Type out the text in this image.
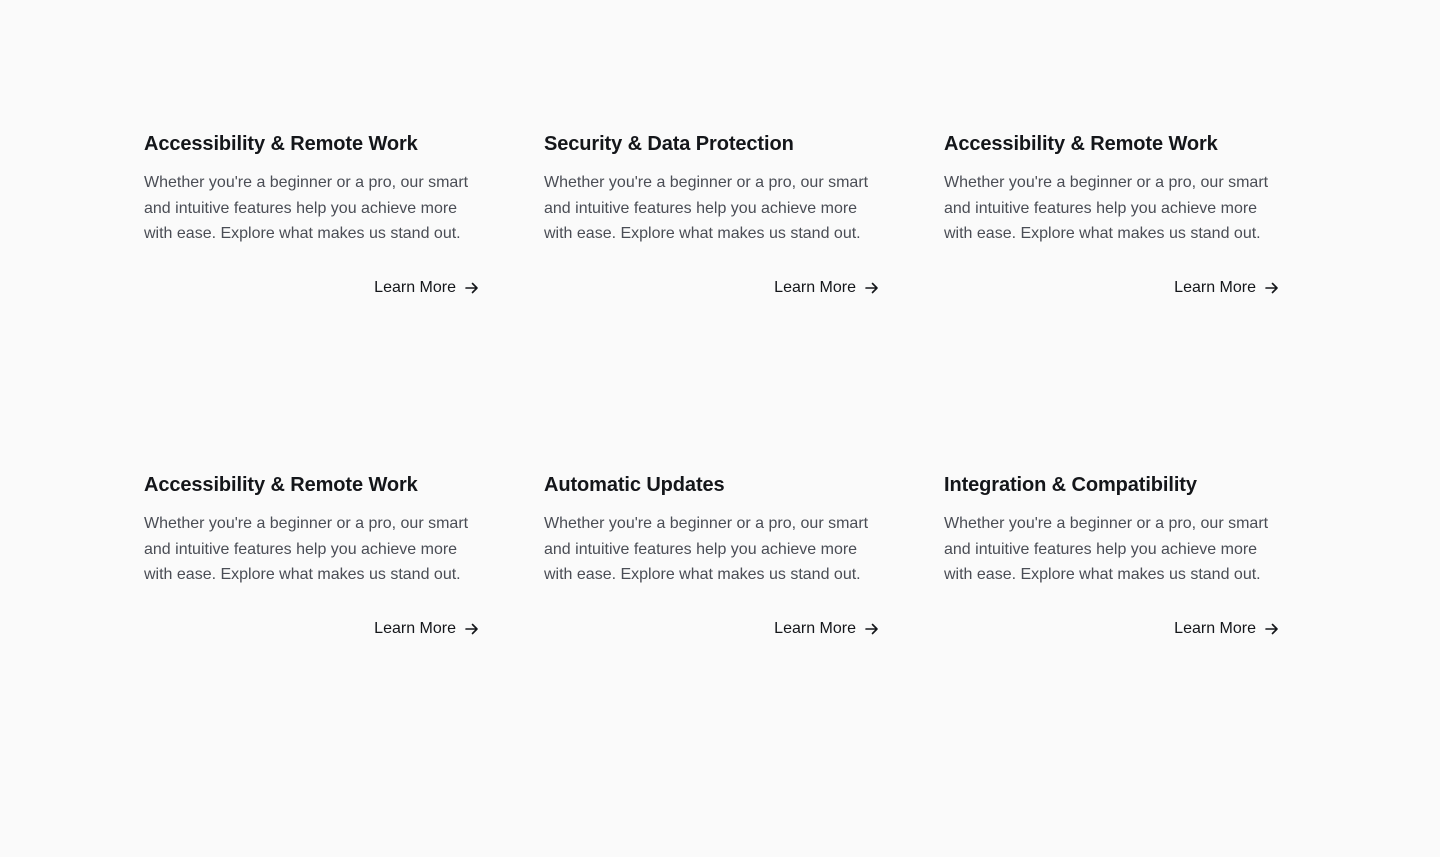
Accessibility & Remote Work

Whether you're a beginner or a pro, our smart and intuitive features help you achieve more with ease. Explore what makes us stand out.

Learn More
Security & Data Protection

Whether you're a beginner or a pro, our smart and intuitive features help you achieve more with ease. Explore what makes us stand out.

Learn More
Accessibility & Remote Work

Whether you're a beginner or a pro, our smart and intuitive features help you achieve more with ease. Explore what makes us stand out.

Learn More
Accessibility & Remote Work

Whether you're a beginner or a pro, our smart and intuitive features help you achieve more with ease. Explore what makes us stand out.

Learn More
Automatic Updates

Whether you're a beginner or a pro, our smart and intuitive features help you achieve more with ease. Explore what makes us stand out.

Learn More
Integration & Compatibility

Whether you're a beginner or a pro, our smart and intuitive features help you achieve more with ease. Explore what makes us stand out.

Learn More
